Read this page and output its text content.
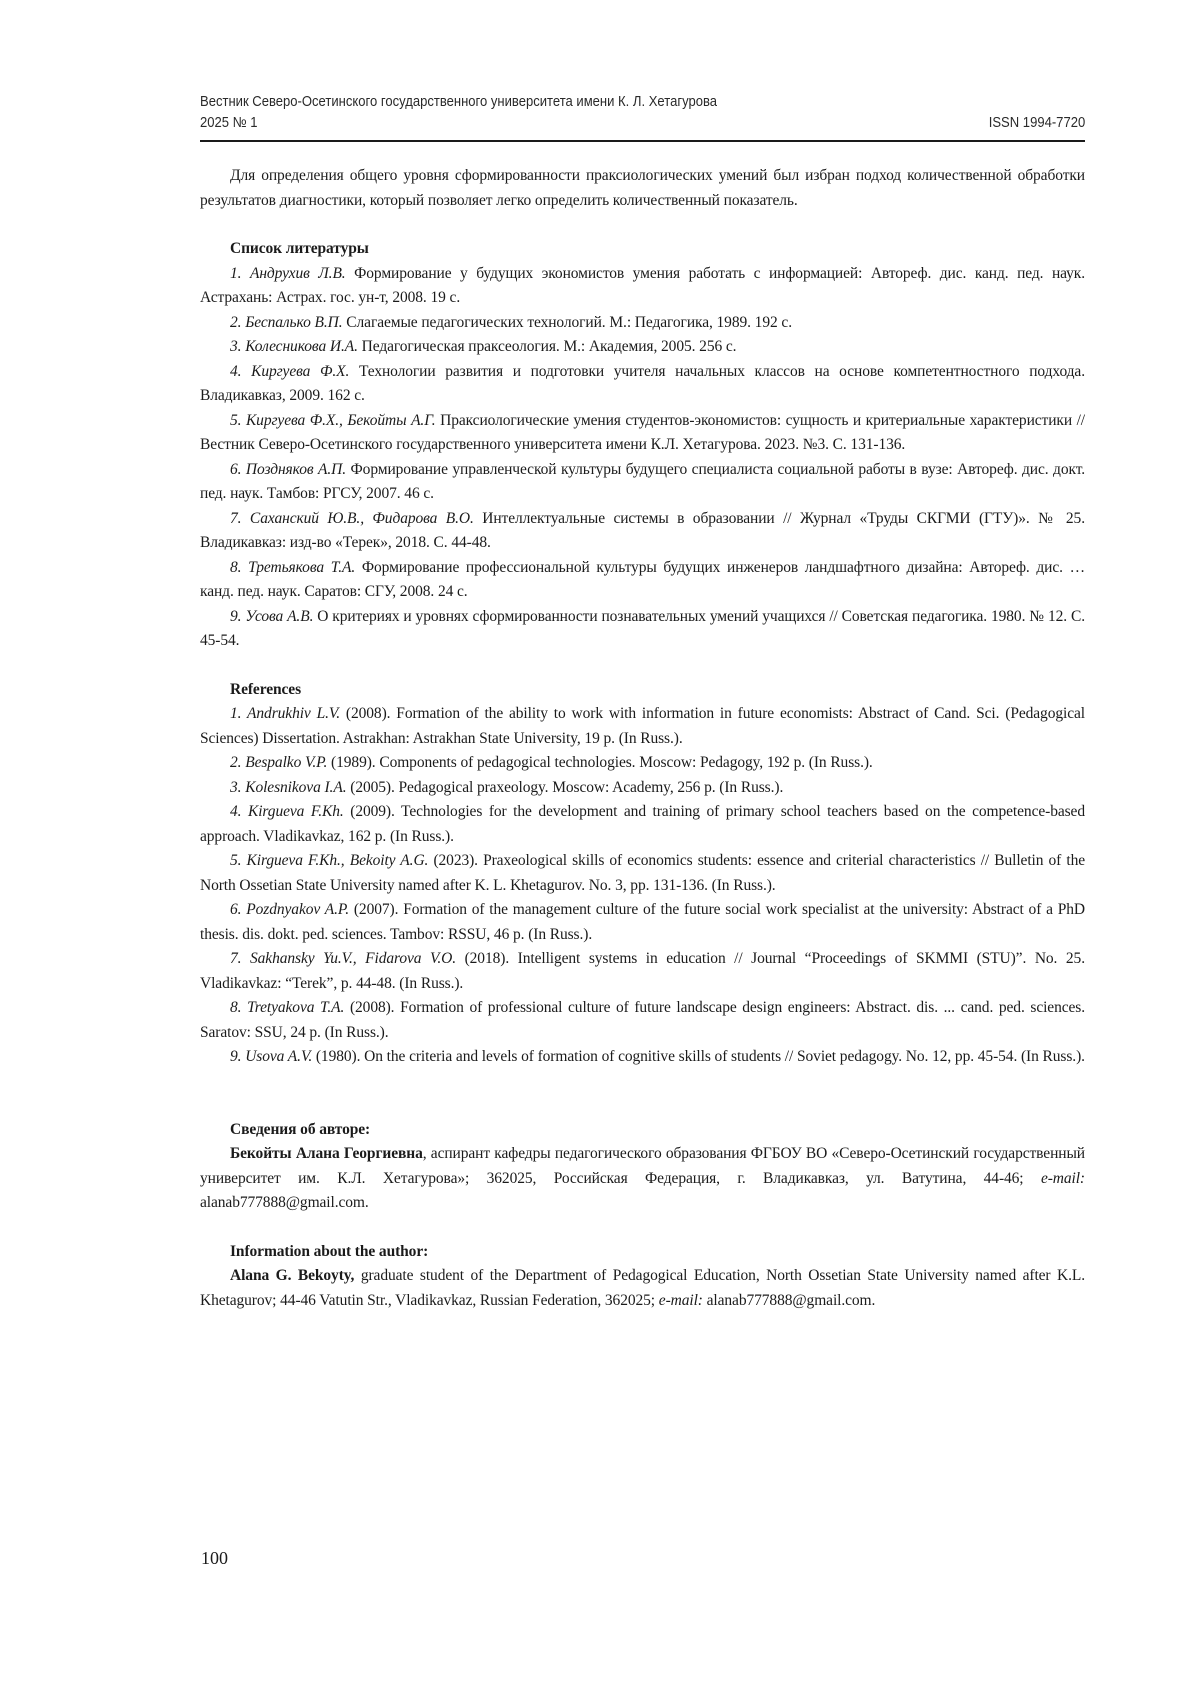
Вестник Северо-Осетинского государственного университета имени К. Л. Хетагурова
2025 № 1	ISSN 1994-7720

Для определения общего уровня сформированности праксиологических умений был избран подход количественной обработки результатов диагностики, который позволяет легко определить количественный показатель.

Список литературы

1. Андрухив Л.В. Формирование у будущих экономистов умения работать с информацией: Автореф. дис. канд. пед. наук. Астрахань: Астрах. гос. ун-т, 2008. 19 с.

2. Беспалько В.П. Слагаемые педагогических технологий. М.: Педагогика, 1989. 192 с.

3. Колесникова И.А. Педагогическая праксеология. М.: Академия, 2005. 256 с.

4. Киргуева Ф.Х. Технологии развития и подготовки учителя начальных классов на основе компетентностного подхода. Владикавказ, 2009. 162 с.

5. Киргуева Ф.Х., Бекойты А.Г. Праксиологические умения студентов-экономистов: сущность и критериальные характеристики // Вестник Северо-Осетинского государственного университета имени К.Л. Хетагурова. 2023. №3. С. 131-136.

6. Поздняков А.П. Формирование управленческой культуры будущего специалиста социальной работы в вузе: Автореф. дис. докт. пед. наук. Тамбов: РГСУ, 2007. 46 с.

7. Саханский Ю.В., Фидарова В.О. Интеллектуальные системы в образовании // Журнал «Труды СКГМИ (ГТУ)». № 25. Владикавказ: изд-во «Терек», 2018. С. 44-48.

8. Третьякова Т.А. Формирование профессиональной культуры будущих инженеров ландшафтного дизайна: Автореф. дис. … канд. пед. наук. Саратов: СГУ, 2008. 24 с.

9. Усова А.В. О критериях и уровнях сформированности познавательных умений учащихся // Советская педагогика. 1980. № 12. С. 45-54.

References

1. Andrukhiv L.V. (2008). Formation of the ability to work with information in future economists: Abstract of Cand. Sci. (Pedagogical Sciences) Dissertation. Astrakhan: Astrakhan State University, 19 p. (In Russ.).

2. Bespalko V.P. (1989). Components of pedagogical technologies. Moscow: Pedagogy, 192 p. (In Russ.).

3. Kolesnikova I.A. (2005). Pedagogical praxeology. Moscow: Academy, 256 p. (In Russ.).

4. Kirgueva F.Kh. (2009). Technologies for the development and training of primary school teachers based on the competence-based approach. Vladikavkaz, 162 p. (In Russ.).

5. Kirgueva F.Kh., Bekoity A.G. (2023). Praxeological skills of economics students: essence and criterial characteristics // Bulletin of the North Ossetian State University named after K. L. Khetagurov. No. 3, pp. 131-136. (In Russ.).

6. Pozdnyakov A.P. (2007). Formation of the management culture of the future social work specialist at the university: Abstract of a PhD thesis. dis. dokt. ped. sciences. Tambov: RSSU, 46 p. (In Russ.).

7. Sakhansky Yu.V., Fidarova V.O. (2018). Intelligent systems in education // Journal “Proceedings of SKMMI (STU)”. No. 25. Vladikavkaz: “Terek”, p. 44-48. (In Russ.).

8. Tretyakova T.A. (2008). Formation of professional culture of future landscape design engineers: Abstract. dis. ... cand. ped. sciences. Saratov: SSU, 24 p. (In Russ.).

9. Usova A.V. (1980). On the criteria and levels of formation of cognitive skills of students // Soviet pedagogy. No. 12, pp. 45-54. (In Russ.).

Сведения об авторе:

Бекойты Алана Георгиевна, аспирант кафедры педагогического образования ФГБОУ ВО «Северо-Осетинский государственный университет им. К.Л. Хетагурова»; 362025, Российская Федерация, г. Владикавказ, ул. Ватутина, 44-46; e-mail: alanab777888@gmail.com.

Information about the author:

Alana G. Bekoyty, graduate student of the Department of Pedagogical Education, North Ossetian State University named after K.L. Khetagurov; 44-46 Vatutin Str., Vladikavkaz, Russian Federation, 362025; e-mail: alanab777888@gmail.com.

100
